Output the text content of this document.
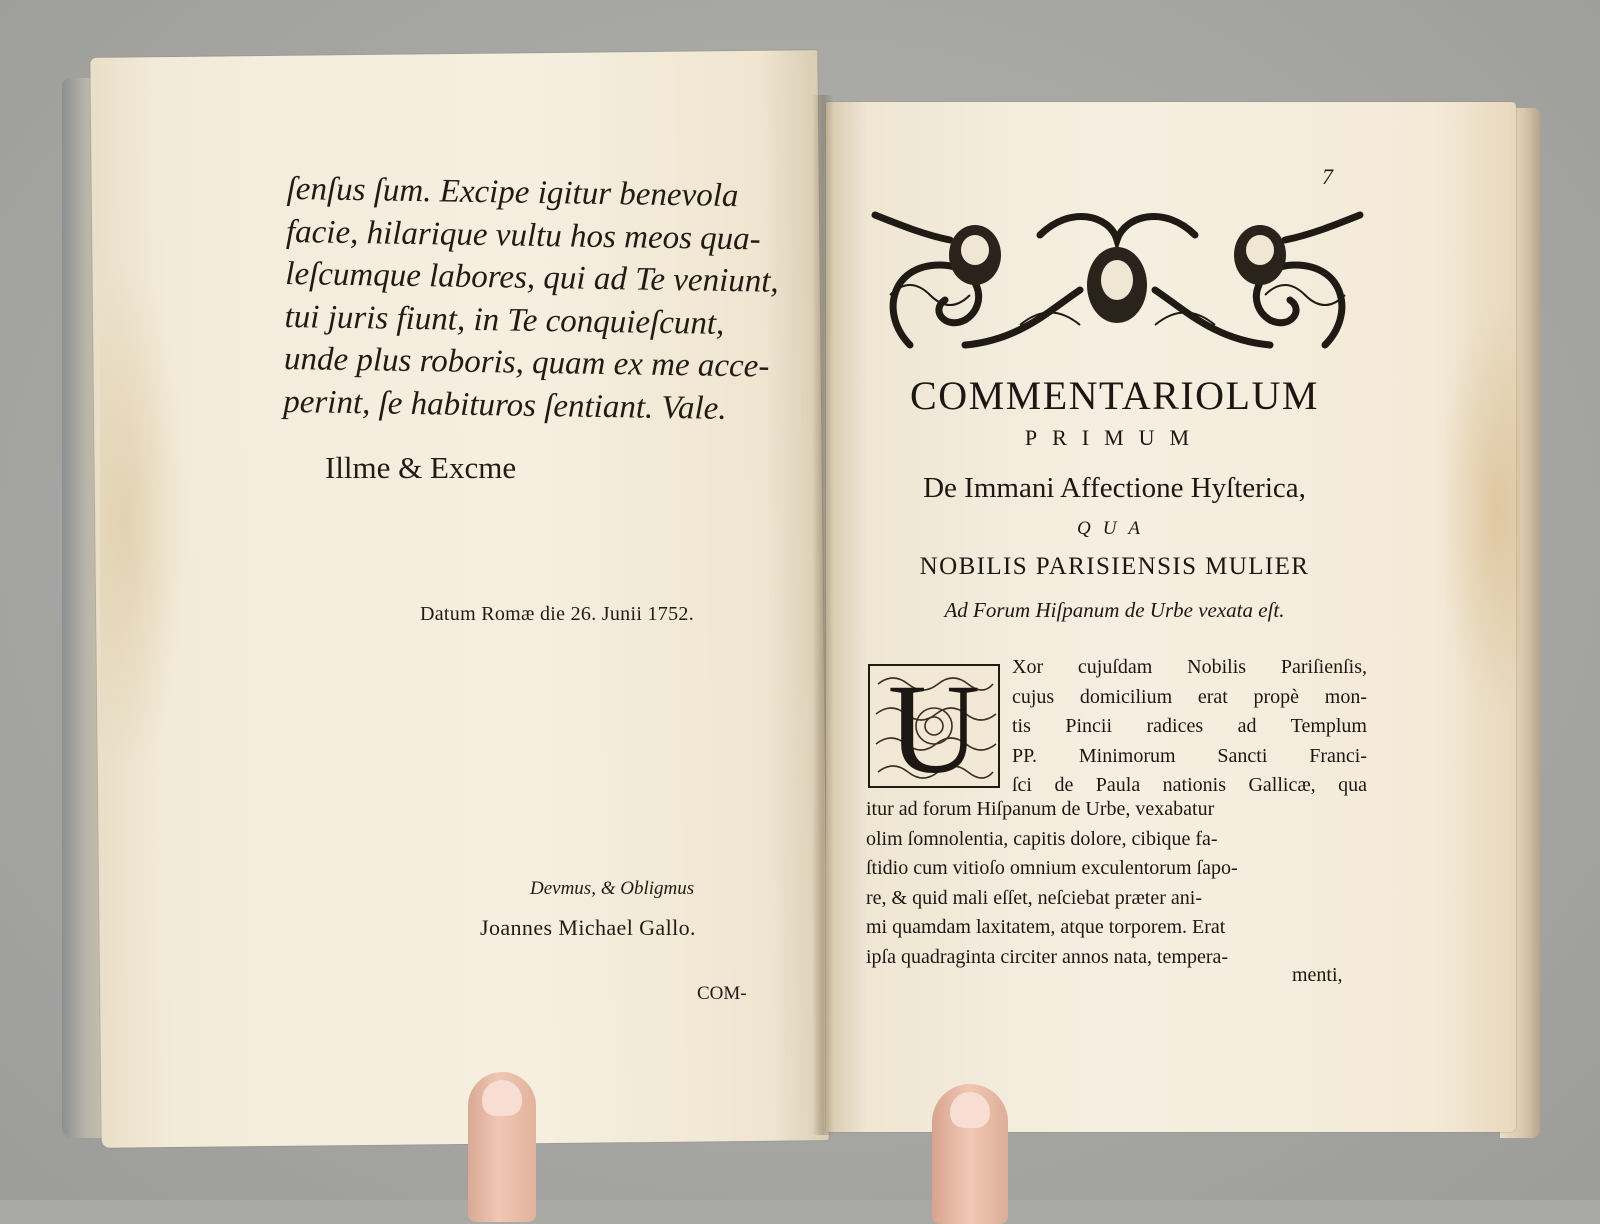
ſenſus ſum. Excipe igitur benevola
facie, hilarique vultu hos meos qua-
leſcumque labores, qui ad Te veniunt,
tui juris fiunt, in Te conquieſcunt,
unde plus roboris, quam ex me acce-
perint, ſe habituros ſentiant. Vale.
Illme & Excme
Datum Romæ die 26. Junii 1752.
Devmus, & Obligmus
Joannes Michael Gallo.
COM-
7
COMMENTARIOLUM
PRIMUM
De Immani Affectione Hyſterica,
QUA
NOBILIS PARISIENSIS MULIER
Ad Forum Hiſpanum de Urbe vexata eſt.
U Xor cujuſdam Nobilis Pariſienſis,
cujus domicilium erat propè mon-
tis Pincii radices ad Templum
PP. Minimorum Sancti Franci-
ſci de Paula nationis Gallicæ, qua
itur ad forum Hiſpanum de Urbe, vexabatur
olim ſomnolentia, capitis dolore, cibique fa-
ſtidio cum vitioſo omnium exculentorum ſapo-
re, & quid mali eſſet, neſciebat præter ani-
mi quamdam laxitatem, atque torporem. Erat
ipſa quadraginta circiter annos nata, tempera-
menti,
